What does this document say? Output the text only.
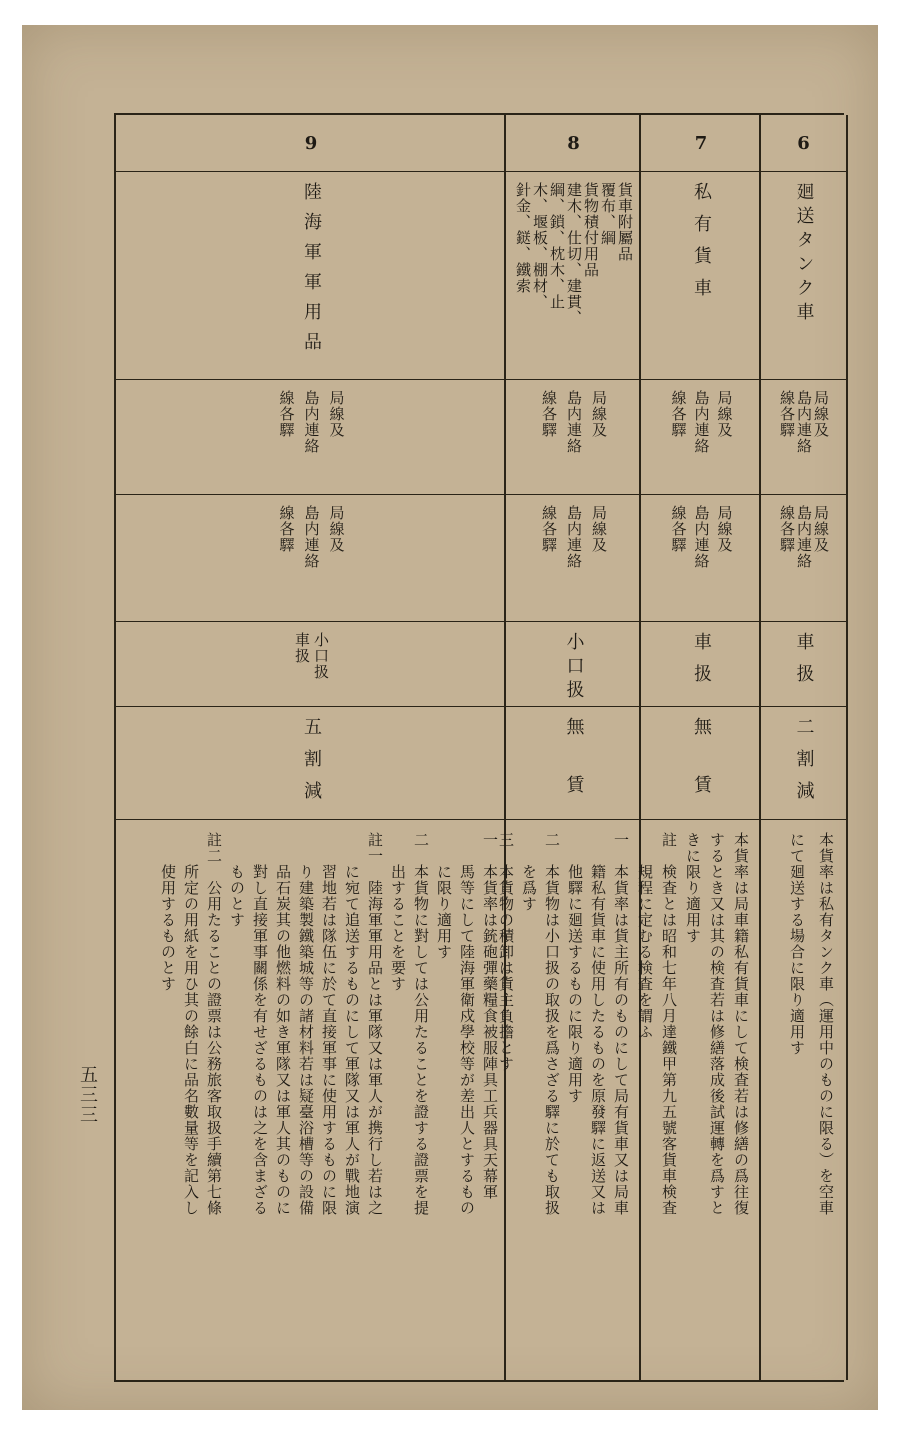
6
廻送タンク車
局線及
島内連絡
線各驛
局線及
島内連絡
線各驛
車扱
二割減
本貨率は私有タンク車（運用中のものに限る）を空車
にて廻送する場合に限り適用す
7
私有貨車
局線及
島内連絡
線各驛
局線及
島内連絡
線各驛
車扱
無賃
本貨率は局車籍私有貨車にして検査若は修繕の爲往復
するとき又は其の検査若は修繕落成後試運轉を爲すと
きに限り適用す
註　検査とは昭和七年八月達鐵甲第九五號客貨車検査
　　規程に定むる検査を謂ふ
8
貨車附屬品
覆布、綱
貨物積付用品
建木、仕切、建貫、
綱、鎖、枕木、止
木、堰板、棚材、
針金、鎹、鐵索
局線及
島内連絡
線各驛
局線及
島内連絡
線各驛
小口扱
無賃
一　本貨率は貨主所有のものにして局有貨車又は局車
　　籍私有貨車に使用したるものを原發驛に返送又は
　　他驛に廻送するものに限り適用す
二　本貨物は小口扱の取扱を爲さざる驛に於ても取扱
　　を爲す
三　本貨物の積卸は貨主負擔とす
9
陸海軍軍用品
局線及
島内連絡
線各驛
局線及
島内連絡
線各驛
小口扱
車扱
五割減
一　本貨率は銃砲彈藥糧食被服陣具工兵器具天幕軍
　　馬等にして陸海軍衛戍學校等が差出人とするもの
　　に限り適用す
二　本貨物に對しては公用たることを證する證票を提
　　出することを要す
註一　陸海軍軍用品とは軍隊又は軍人が携行し若は之
　　に宛て追送するものにして軍隊又は軍人が戰地演
　　習地若は隊伍に於て直接軍事に使用するものに限
　　り建築製鐵築城等の諸材料若は疑臺浴槽等の設備
　　品石炭其の他燃料の如き軍隊又は軍人其のものに
　　對し直接軍事關係を有せざるものは之を含まざる
　　ものとす
註二　公用たることの證票は公務旅客取扱手續第七條
　　所定の用紙を用ひ其の餘白に品名數量等を記入し
　　使用するものとす
五三三
